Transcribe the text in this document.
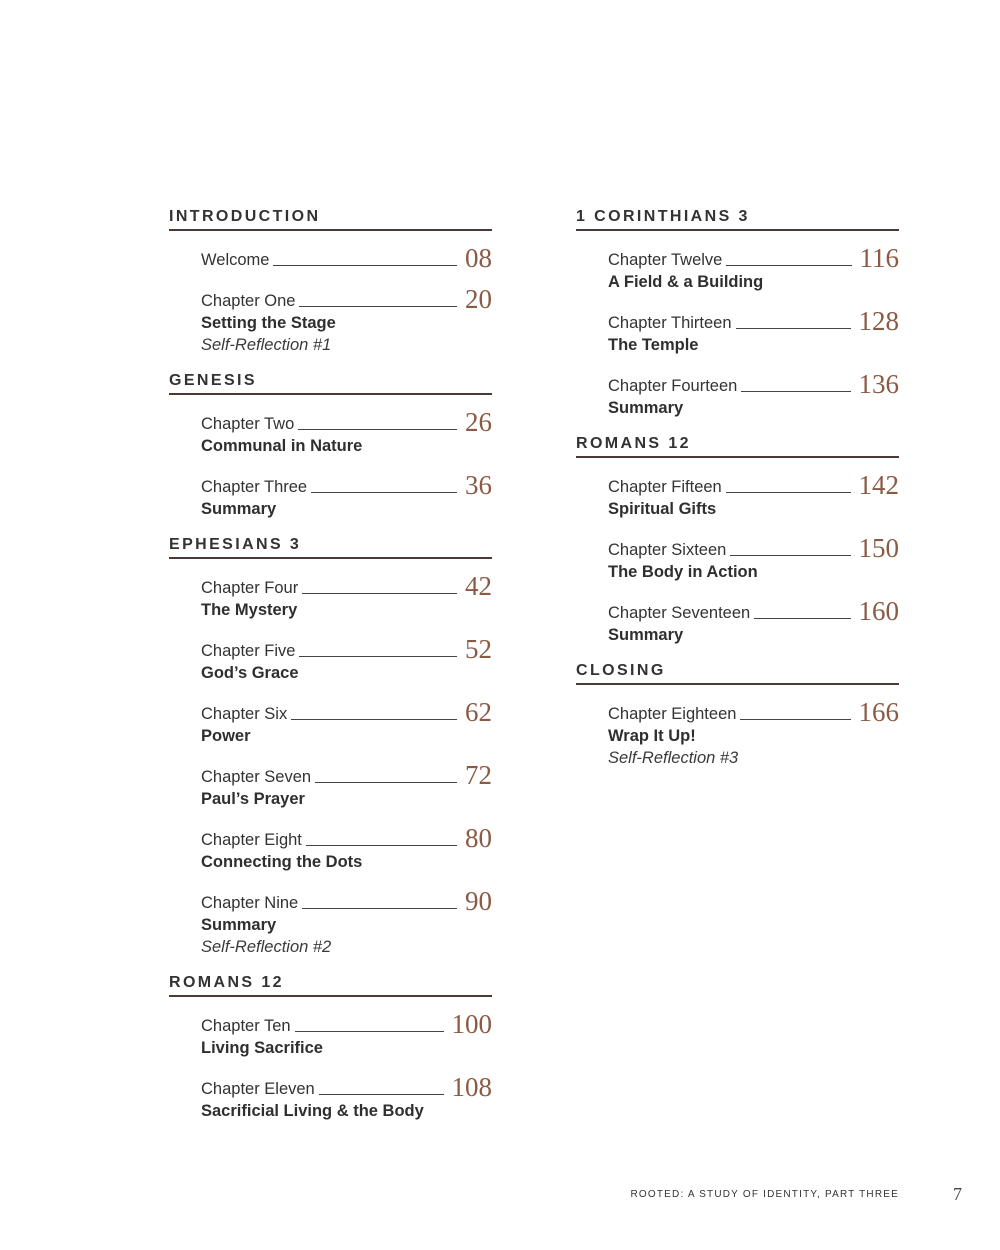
INTRODUCTION
Welcome	08
Chapter One	20
Setting the Stage
Self-Reflection #1
GENESIS
Chapter Two	26
Communal in Nature
Chapter Three	36
Summary
EPHESIANS 3
Chapter Four	42
The Mystery
Chapter Five	52
God’s Grace
Chapter Six	62
Power
Chapter Seven	72
Paul’s Prayer
Chapter Eight	80
Connecting the Dots
Chapter Nine	90
Summary
Self-Reflection #2
ROMANS 12
Chapter Ten	100
Living Sacrifice
Chapter Eleven	108
Sacrificial Living & the Body
1 CORINTHIANS 3
Chapter Twelve	116
A Field & a Building
Chapter Thirteen	128
The Temple
Chapter Fourteen	136
Summary
ROMANS 12
Chapter Fifteen	142
Spiritual Gifts
Chapter Sixteen	150
The Body in Action
Chapter Seventeen	160
Summary
CLOSING
Chapter Eighteen	166
Wrap It Up!
Self-Reflection #3
ROOTED: A STUDY OF IDENTITY, PART THREE	7
